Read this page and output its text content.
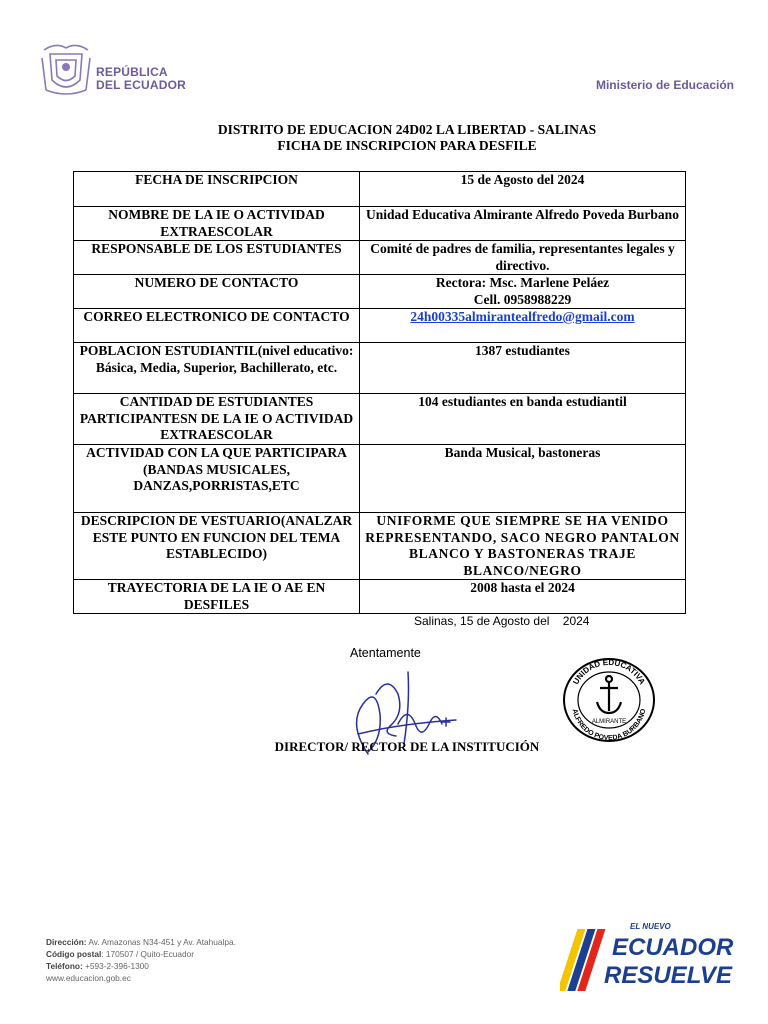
REPÚBLICA
DEL ECUADOR	Ministerio de Educación
DISTRITO DE EDUCACION 24D02 LA LIBERTAD - SALINAS
FICHA DE INSCRIPCION PARA DESFILE
FECHA DE INSCRIPCION	15 de Agosto del 2024
NOMBRE DE LA IE O ACTIVIDAD EXTRAESCOLAR	Unidad Educativa Almirante Alfredo Poveda Burbano
RESPONSABLE DE LOS ESTUDIANTES	Comité de padres de familia, representantes legales y directivo.
NUMERO DE CONTACTO	Rectora: Msc. Marlene Peláez
Cell. 0958988229

CORREO ELECTRONICO DE CONTACTO	24h00335almirantealfredo@gmail.com
POBLACION ESTUDIANTIL(nivel educativo: Básica, Media, Superior, Bachillerato, etc.	1387 estudiantes
CANTIDAD DE ESTUDIANTES PARTICIPANTESN DE LA IE O ACTIVIDAD EXTRAESCOLAR	104 estudiantes en banda estudiantil
ACTIVIDAD CON LA QUE PARTICIPARA (BANDAS MUSICALES, DANZAS,PORRISTAS,ETC	Banda Musical, bastoneras
DESCRIPCION DE VESTUARIO(ANALZAR ESTE PUNTO EN FUNCION DEL TEMA ESTABLECIDO)	UNIFORME QUE SIEMPRE SE HA VENIDO REPRESENTANDO, SACO NEGRO PANTALON BLANCO Y BASTONERAS TRAJE BLANCO/NEGRO
TRAYECTORIA DE LA IE O AE EN DESFILES	2008 hasta el 2024
Salinas, 15 de Agosto del    2024
Atentamente
UNIDAD EDUCATIVA
ALFREDO POVEDA BURBANO
ALMIRANTE
DIRECTOR/ RECTOR DE LA INSTITUCIÓN
Dirección: Av. Amazonas N34-451 y Av. Atahualpa.
Código postal: 170507 / Quito-Ecuador
Teléfono: +593-2-396-1300
www.educacion.gob.ec
EL NUEVO
ECUADOR
RESUELVE
